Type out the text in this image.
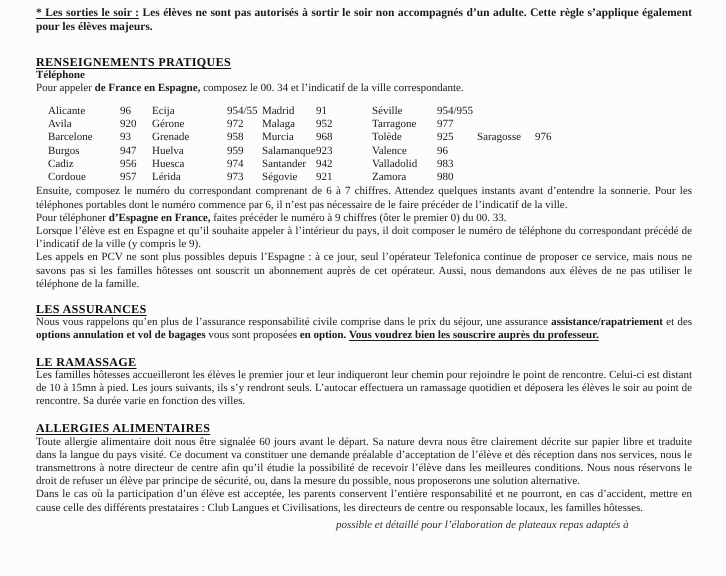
* Les sorties le soir : Les élèves ne sont pas autorisés à sortir le soir non accompagnés d’un adulte. Cette règle s’applique également pour les élèves majeurs.

RENSEIGNEMENTS PRATIQUES

Téléphone

Pour appeler de France en Espagne, composez le 00. 34 et l’indicatif de la ville correspondante.

Alicante	96 Ecija	954/55 Madrid 91	Séville	954/955
Avila	920 Gérone	972 Malaga 952	Tarragone 977
Barcelone 93 Grenade	958 Murcia 968	Tolède	925 Saragosse 976
Burgos	947 Huelva	959 Salamanque 923	Valence	96
Cadiz	956 Huesca	974 Santander 942	Valladolid 983
Cordoue	957 Lérida	973 Ségovie 921	Zamora	980

Ensuite, composez le numéro du correspondant comprenant de 6 à 7 chiffres. Attendez quelques instants avant d’entendre la sonnerie. Pour les téléphones portables dont le numéro commence par 6, il n’est pas nécessaire de le faire précéder de l’indicatif de la ville.

Pour téléphoner d’Espagne en France, faites précéder le numéro à 9 chiffres (ôter le premier 0) du 00. 33.

Lorsque l’élève est en Espagne et qu’il souhaite appeler à l’intérieur du pays, il doit composer le numéro de téléphone du correspondant précédé de l’indicatif de la ville (y compris le 9).

Les appels en PCV ne sont plus possibles depuis l’Espagne : à ce jour, seul l’opérateur Telefonica continue de proposer ce service, mais nous ne savons pas si les familles hôtesses ont souscrit un abonnement auprès de cet opérateur. Aussi, nous demandons aux élèves de ne pas utiliser le téléphone de la famille.

LES ASSURANCES

Nous vous rappelons qu’en plus de l’assurance responsabilité civile comprise dans le prix du séjour, une assurance assistance/rapatriement et des options annulation et vol de bagages vous sont proposées en option. Vous voudrez bien les souscrire auprès du professeur.

LE RAMASSAGE

Les familles hôtesses accueilleront les élèves le premier jour et leur indiqueront leur chemin pour rejoindre le point de rencontre. Celui-ci est distant de 10 à 15mn à pied. Les jours suivants, ils s’y rendront seuls. L’autocar effectuera un ramassage quotidien et déposera les élèves le soir au point de rencontre. Sa durée varie en fonction des villes.

ALLERGIES ALIMENTAIRES

Toute allergie alimentaire doit nous être signalée 60 jours avant le départ. Sa nature devra nous être clairement décrite sur papier libre et traduite dans la langue du pays visité. Ce document va constituer une demande préalable d’acceptation de l’élève et dès réception dans nos services, nous le transmettrons à notre directeur de centre afin qu’il étudie la possibilité de recevoir l’élève dans les meilleures conditions. Nous nous réservons le droit de refuser un élève par principe de sécurité, ou, dans la mesure du possible, nous proposerons une solution alternative.

Dans le cas où la participation d’un élève est acceptée, les parents conservent l’entière responsabilité et ne pourront, en cas d’accident, mettre en cause celle des différents prestataires : Club Langues et Civilisations, les directeurs de centre ou responsable locaux, les familles hôtesses.

possible et détaillé pour l’élaboration de plateaux repas adaptés à
